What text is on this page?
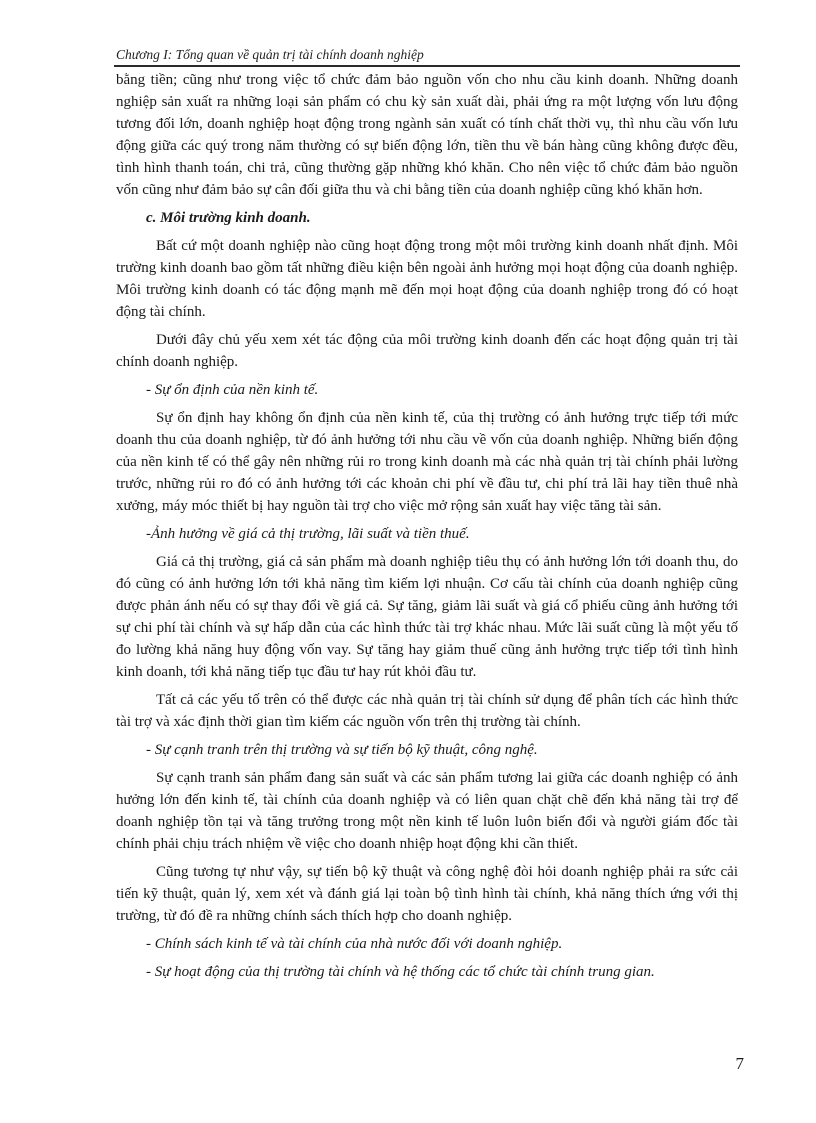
Chương I: Tổng quan về quản trị tài chính doanh nghiệp

bằng tiền; cũng như trong việc tổ chức đảm bảo nguồn vốn cho nhu cầu kinh doanh. Những doanh nghiệp sản xuất ra những loại sản phẩm có chu kỳ sản xuất dài, phải ứng ra một lượng vốn lưu động tương đối lớn, doanh nghiệp hoạt động trong ngành sản xuất có tính chất thời vụ, thì nhu cầu vốn lưu động giữa các quý trong năm thường có sự biến động lớn, tiền thu về bán hàng cũng không được đều, tình hình thanh toán, chi trả, cũng thường gặp những khó khăn. Cho nên việc tổ chức đảm bảo nguồn vốn cũng như đảm bảo sự cân đối giữa thu và chi bằng tiền của doanh nghiệp cũng khó khăn hơn.

c. Môi trường kinh doanh.

Bất cứ một doanh nghiệp nào cũng hoạt động trong một môi trường kinh doanh nhất định. Môi trường kinh doanh bao gồm tất những điều kiện bên ngoài ảnh hưởng mọi hoạt động của doanh nghiệp. Môi trường kinh doanh có tác động mạnh mẽ đến mọi hoạt động của doanh nghiệp trong đó có hoạt động tài chính.

Dưới đây chủ yếu xem xét tác động của môi trường kinh doanh đến các hoạt động quản trị tài chính doanh nghiệp.

- Sự ổn định của nền kinh tế.

Sự ổn định hay không ổn định của nền kinh tế, của thị trường có ảnh hưởng trực tiếp tới mức doanh thu của doanh nghiệp, từ đó ảnh hưởng tới nhu cầu về vốn của doanh nghiệp. Những biến động của nền kinh tế có thể gây nên những rủi ro trong kinh doanh mà các nhà quản trị tài chính phải lường trước, những rủi ro đó có ảnh hưởng tới các khoản chi phí về đầu tư, chi phí trả lãi hay tiền thuê nhà xưởng, máy móc thiết bị hay nguồn tài trợ cho việc mở rộng sản xuất hay việc tăng tài sản.

-Ảnh hưởng về giá cả thị trường, lãi suất và tiền thuế.

Giá cả thị trường, giá cả sản phẩm mà doanh nghiệp tiêu thụ có ảnh hưởng lớn tới doanh thu, do đó cũng có ảnh hưởng lớn tới khả năng tìm kiếm lợi nhuận. Cơ cấu tài chính của doanh nghiệp cũng được phản ánh nếu có sự thay đổi về giá cả. Sự tăng, giảm lãi suất và giá cổ phiếu cũng ảnh hưởng tới sự chi phí tài chính và sự hấp dẫn của các hình thức tài trợ khác nhau. Mức lãi suất cũng là một yếu tố đo lường khả năng huy động vốn vay. Sự tăng hay giảm thuế cũng ảnh hưởng trực tiếp tới tình hình kinh doanh, tới khả năng tiếp tục đầu tư hay rút khỏi đầu tư.

Tất cả các yếu tố trên có thể được các nhà quản trị tài chính sử dụng để phân tích các hình thức tài trợ và xác định thời gian tìm kiếm các nguồn vốn trên thị trường tài chính.

- Sự cạnh tranh trên thị trường và sự tiến bộ kỹ thuật, công nghệ.

Sự cạnh tranh sản phẩm đang sản suất và các sản phẩm tương lai giữa các doanh nghiệp có ảnh hưởng lớn đến kinh tế, tài chính của doanh nghiệp và có liên quan chặt chẽ đến khả năng tài trợ để doanh nghiệp tồn tại và tăng trưởng trong một nền kinh tế luôn luôn biến đổi và người giám đốc tài chính phải chịu trách nhiệm về việc cho doanh nhiệp hoạt động khi cần thiết.

Cũng tương tự như vậy, sự tiến bộ kỹ thuật và công nghệ đòi hỏi doanh nghiệp phải ra sức cải tiến kỹ thuật, quản lý, xem xét và đánh giá lại toàn bộ tình hình tài chính, khả năng thích ứng với thị trường, từ đó đề ra những chính sách thích hợp cho doanh nghiệp.

- Chính sách kinh tế và tài chính của nhà nước đối với doanh nghiệp.

- Sự hoạt động của thị trường tài chính và hệ thống các tổ chức tài chính trung gian.

7
